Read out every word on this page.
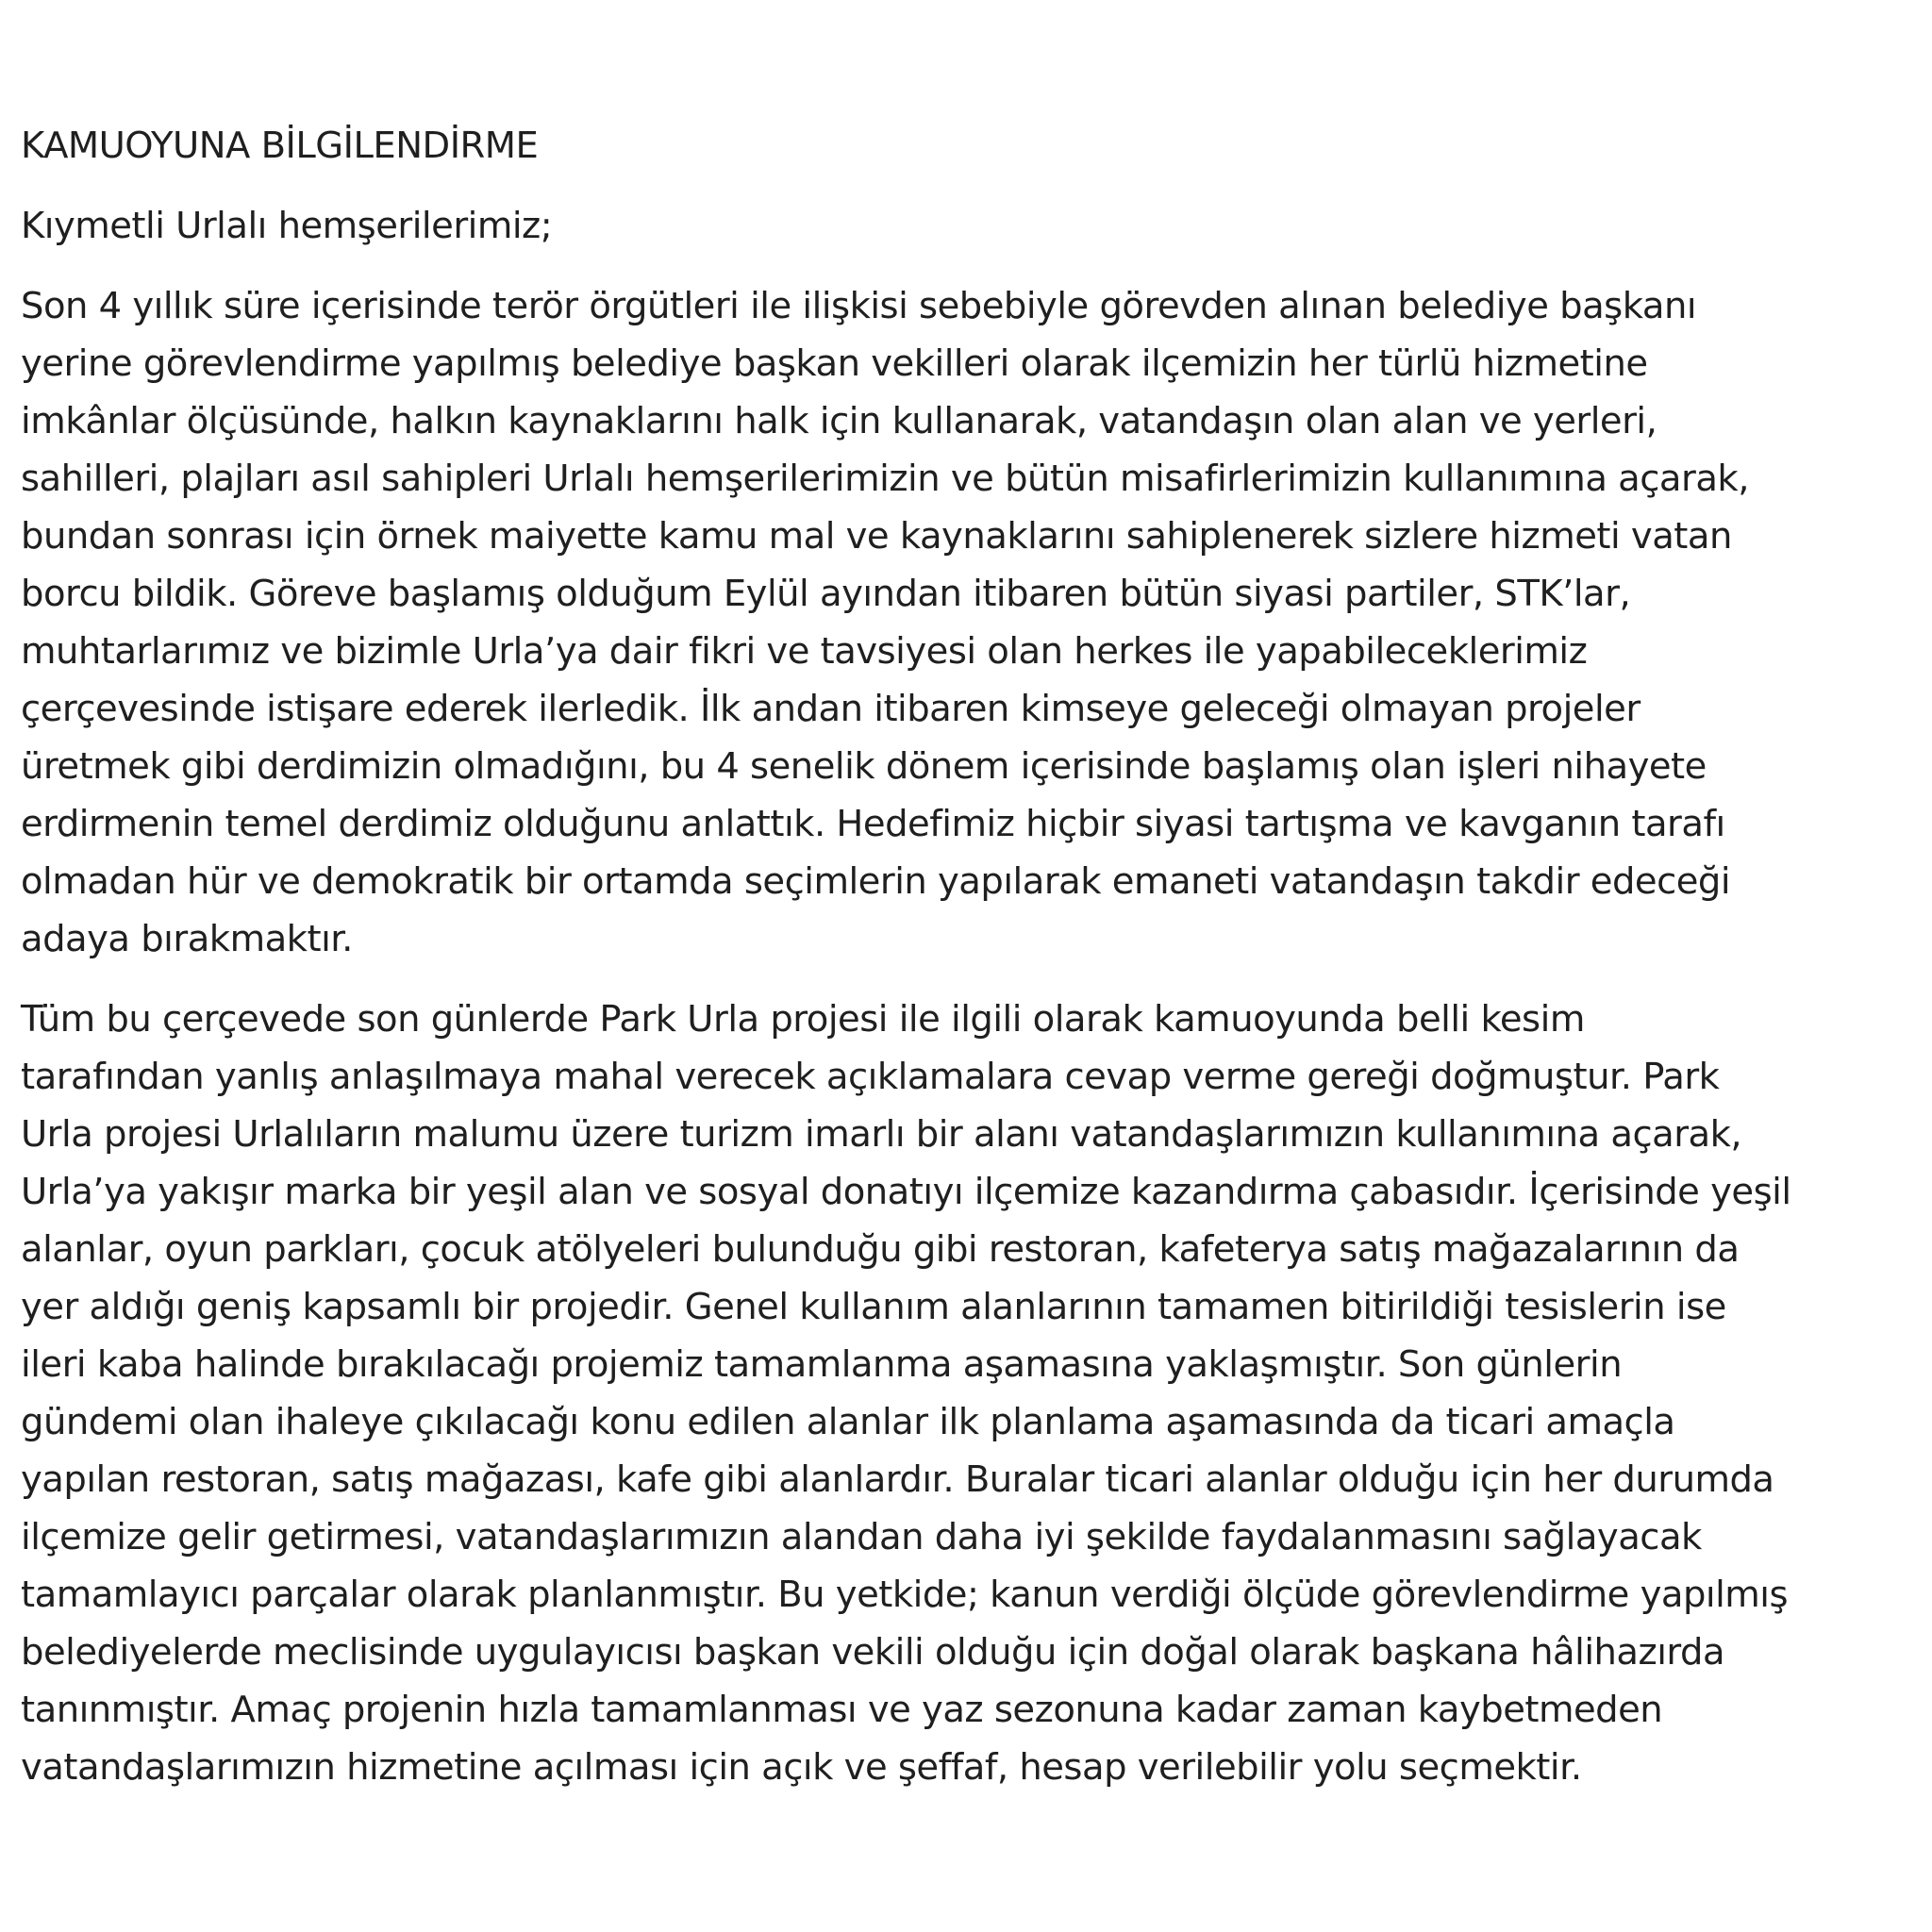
KAMUOYUNA BİLGİLENDİRME

Kıymetli Urlalı hemşerilerimiz;

Son 4 yıllık süre içerisinde terör örgütleri ile ilişkisi sebebiyle görevden alınan belediye başkanı
yerine görevlendirme yapılmış belediye başkan vekilleri olarak ilçemizin her türlü hizmetine
imkânlar ölçüsünde, halkın kaynaklarını halk için kullanarak, vatandaşın olan alan ve yerleri,
sahilleri, plajları asıl sahipleri Urlalı hemşerilerimizin ve bütün misafirlerimizin kullanımına açarak,
bundan sonrası için örnek maiyette kamu mal ve kaynaklarını sahiplenerek sizlere hizmeti vatan
borcu bildik. Göreve başlamış olduğum Eylül ayından itibaren bütün siyasi partiler, STK’lar,
muhtarlarımız ve bizimle Urla’ya dair fikri ve tavsiyesi olan herkes ile yapabileceklerimiz
çerçevesinde istişare ederek ilerledik. İlk andan itibaren kimseye geleceği olmayan projeler
üretmek gibi derdimizin olmadığını, bu 4 senelik dönem içerisinde başlamış olan işleri nihayete
erdirmenin temel derdimiz olduğunu anlattık. Hedefimiz hiçbir siyasi tartışma ve kavganın tarafı
olmadan hür ve demokratik bir ortamda seçimlerin yapılarak emaneti vatandaşın takdir edeceği
adaya bırakmaktır.

Tüm bu çerçevede son günlerde Park Urla projesi ile ilgili olarak kamuoyunda belli kesim
tarafından yanlış anlaşılmaya mahal verecek açıklamalara cevap verme gereği doğmuştur. Park
Urla projesi Urlalıların malumu üzere turizm imarlı bir alanı vatandaşlarımızın kullanımına açarak,
Urla’ya yakışır marka bir yeşil alan ve sosyal donatıyı ilçemize kazandırma çabasıdır. İçerisinde yeşil
alanlar, oyun parkları, çocuk atölyeleri bulunduğu gibi restoran, kafeterya satış mağazalarının da
yer aldığı geniş kapsamlı bir projedir. Genel kullanım alanlarının tamamen bitirildiği tesislerin ise
ileri kaba halinde bırakılacağı projemiz tamamlanma aşamasına yaklaşmıştır. Son günlerin
gündemi olan ihaleye çıkılacağı konu edilen alanlar ilk planlama aşamasında da ticari amaçla
yapılan restoran, satış mağazası, kafe gibi alanlardır. Buralar ticari alanlar olduğu için her durumda
ilçemize gelir getirmesi, vatandaşlarımızın alandan daha iyi şekilde faydalanmasını sağlayacak
tamamlayıcı parçalar olarak planlanmıştır. Bu yetkide; kanun verdiği ölçüde görevlendirme yapılmış
belediyelerde meclisinde uygulayıcısı başkan vekili olduğu için doğal olarak başkana hâlihazırda
tanınmıştır. Amaç projenin hızla tamamlanması ve yaz sezonuna kadar zaman kaybetmeden
vatandaşlarımızın hizmetine açılması için açık ve şeffaf, hesap verilebilir yolu seçmektir.
